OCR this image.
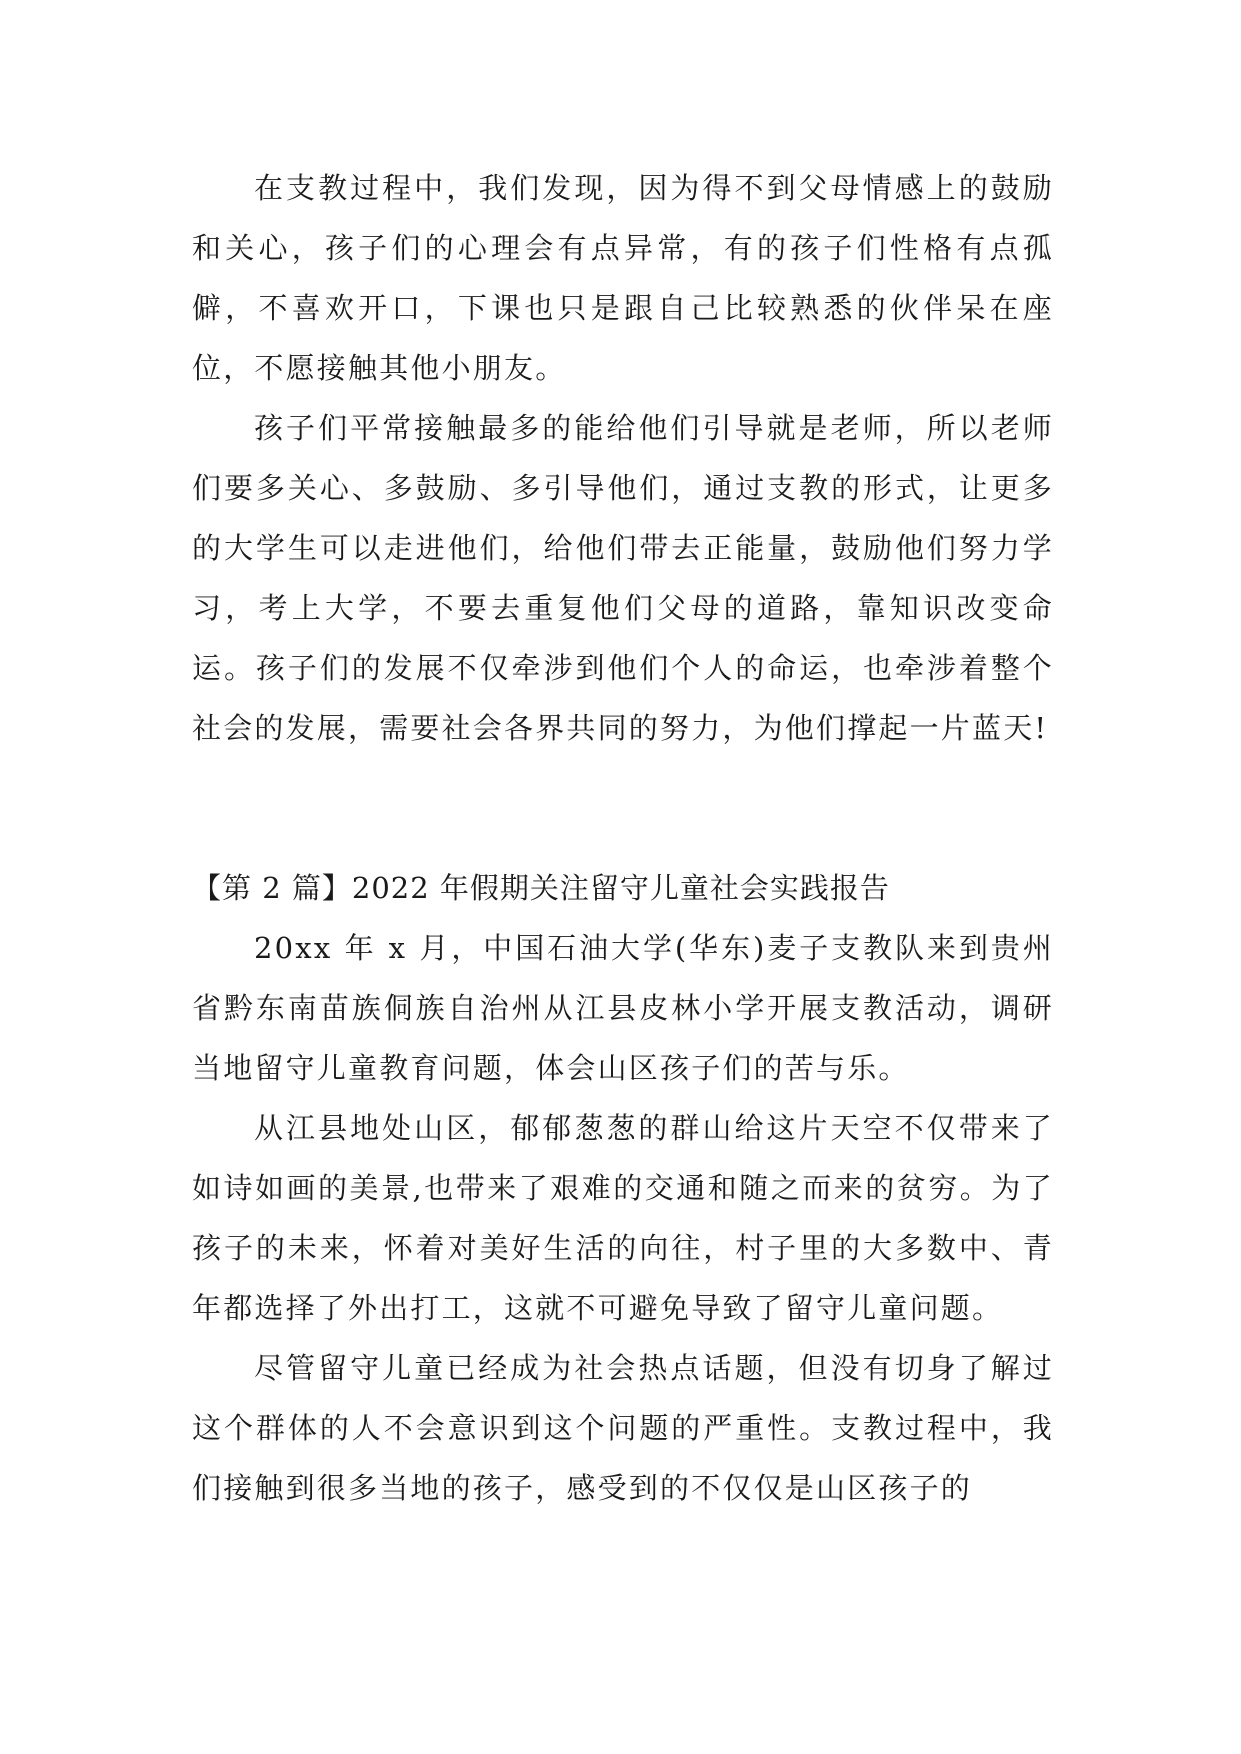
在支教过程中，我们发现，因为得不到父母情感上的鼓励和关心，孩子们的心理会有点异常，有的孩子们性格有点孤僻，不喜欢开口，下课也只是跟自己比较熟悉的伙伴呆在座位，不愿接触其他小朋友。

孩子们平常接触最多的能给他们引导就是老师，所以老师们要多关心、多鼓励、多引导他们，通过支教的形式，让更多的大学生可以走进他们，给他们带去正能量，鼓励他们努力学习，考上大学，不要去重复他们父母的道路，靠知识改变命运。孩子们的发展不仅牵涉到他们个人的命运，也牵涉着整个社会的发展，需要社会各界共同的努力，为他们撑起一片蓝天!

【第 2 篇】2022 年假期关注留守儿童社会实践报告

20xx 年 x 月，中国石油大学(华东)麦子支教队来到贵州省黔东南苗族侗族自治州从江县皮林小学开展支教活动，调研当地留守儿童教育问题，体会山区孩子们的苦与乐。

从江县地处山区，郁郁葱葱的群山给这片天空不仅带来了如诗如画的美景,也带来了艰难的交通和随之而来的贫穷。为了孩子的未来，怀着对美好生活的向往，村子里的大多数中、青年都选择了外出打工，这就不可避免导致了留守儿童问题。

尽管留守儿童已经成为社会热点话题，但没有切身了解过这个群体的人不会意识到这个问题的严重性。支教过程中，我们接触到很多当地的孩子，感受到的不仅仅是山区孩子的
